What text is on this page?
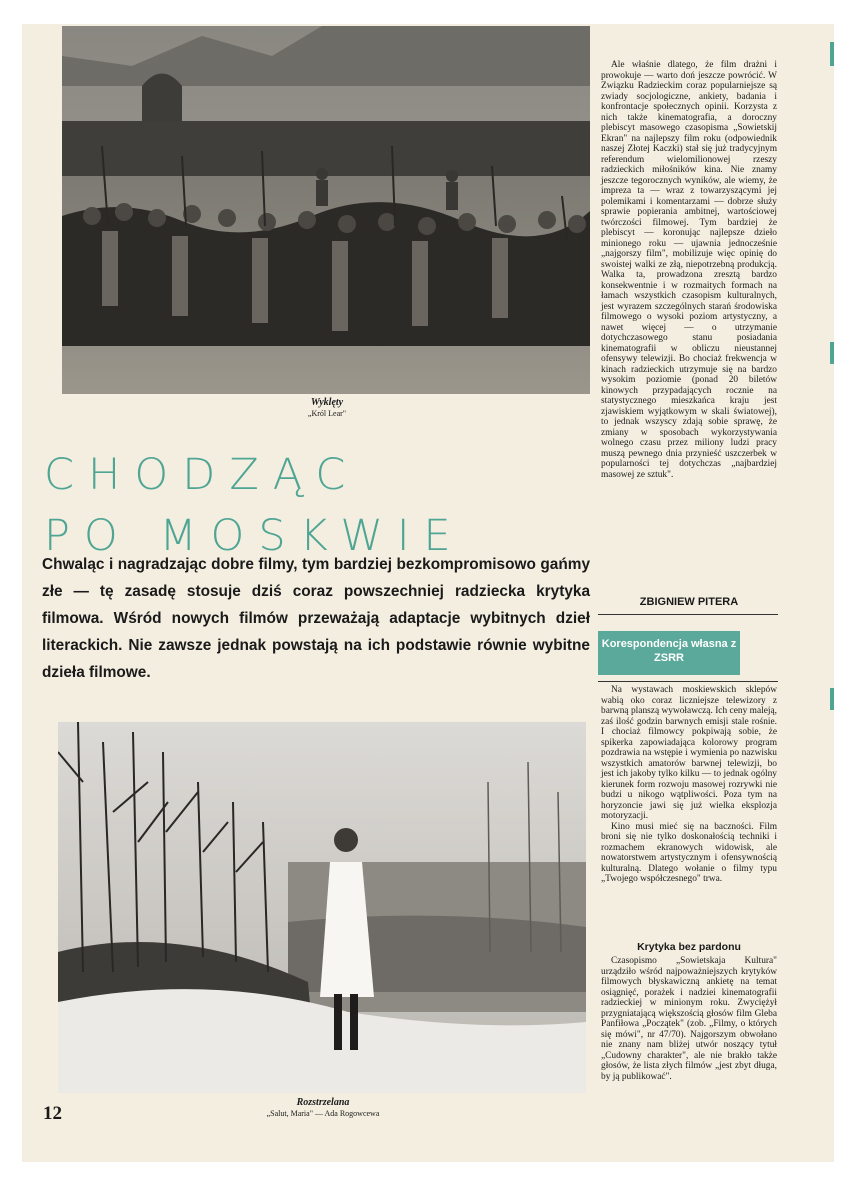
Wyklęty
„Król Lear"
CHODZĄC
PO MOSKWIE
Chwaląc i nagradzając dobre filmy, tym bardziej bezkompromisowo gańmy złe — tę zasadę stosuje dziś coraz powszechniej radziecka krytyka filmowa. Wśród nowych filmów przeważają adaptacje wybitnych dzieł literackich. Nie zawsze jednak powstają na ich podstawie równie wybitne dzieła filmowe.
Rozstrzelana
„Salut, Maria" — Ada Rogowcewa

Ale właśnie dlatego, że film drażni i prowokuje — warto doń jeszcze powrócić. W Związku Radzieckim coraz popularniejsze są zwiady socjologiczne, ankiety, badania i konfrontacje społecznych opinii. Korzysta z nich także kinematografia, a doroczny plebiscyt masowego czasopisma „Sowietskij Ekran" na najlepszy film roku (odpowiednik naszej Złotej Kaczki) stał się już tradycyjnym referendum wielomilionowej rzeszy radzieckich miłośników kina. Nie znamy jeszcze tegorocznych wyników, ale wiemy, że impreza ta — wraz z towarzyszącymi jej polemikami i komentarzami — dobrze służy sprawie popierania ambitnej, wartościowej twórczości filmowej. Tym bardziej że plebiscyt — koronując najlepsze dzieło minionego roku — ujawnia jednocześnie „najgorszy film", mobilizuje więc opinię do swoistej walki ze złą, niepotrzebną produkcją. Walka ta, prowadzona zresztą bardzo konsekwentnie i w rozmaitych formach na łamach wszystkich czasopism kulturalnych, jest wyrazem szczególnych starań środowiska filmowego o wysoki poziom artystyczny, a nawet więcej — o utrzymanie dotychczasowego stanu posiadania kinematografii w obliczu nieustannej ofensywy telewizji. Bo chociaż frekwencja w kinach radzieckich utrzymuje się na bardzo wysokim poziomie (ponad 20 biletów kinowych przypadających rocznie na statystycznego mieszkańca kraju jest zjawiskiem wyjątkowym w skali światowej), to jednak wszyscy zdają sobie sprawę, że zmiany w sposobach wykorzystywania wolnego czasu przez miliony ludzi pracy muszą pewnego dnia przynieść uszczerbek w popularności tej dotychczas „najbardziej masowej ze sztuk".

ZBIGNIEW PITERA
Korespondencja własna z ZSRR

Na wystawach moskiewskich sklepów wabią oko coraz liczniejsze telewizory z barwną planszą wywoławczą. Ich ceny maleją, zaś ilość godzin barwnych emisji stale rośnie. I chociaż filmowcy pokpiwają sobie, że spikerka zapowiadająca kolorowy program pozdrawia na wstępie i wymienia po nazwisku wszystkich amatorów barwnej telewizji, bo jest ich jakoby tylko kilku — to jednak ogólny kierunek form rozwoju masowej rozrywki nie budzi u nikogo wątpliwości. Poza tym na horyzoncie jawi się już wielka eksplozja motoryzacji.

Kino musi mieć się na baczności. Film broni się nie tylko doskonałością techniki i rozmachem ekranowych widowisk, ale nowatorstwem artystycznym i ofensywnością kulturalną. Dlatego wołanie o filmy typu „Twojego współczesnego" trwa.

Krytyka bez pardonu

Czasopismo „Sowietskaja Kultura" urządziło wśród najpoważniejszych krytyków filmowych błyskawiczną ankietę na temat osiągnięć, porażek i nadziei kinematografii radzieckiej w minionym roku. Zwyciężył przygniatającą większością głosów film Gleba Panfiłowa „Początek" (zob. „Filmy, o których się mówi", nr 47/70). Najgorszym obwołano nie znany nam bliżej utwór noszący tytuł „Cudowny charakter", ale nie brakło także głosów, że lista złych filmów „jest zbyt długa, by ją publikować".

12
